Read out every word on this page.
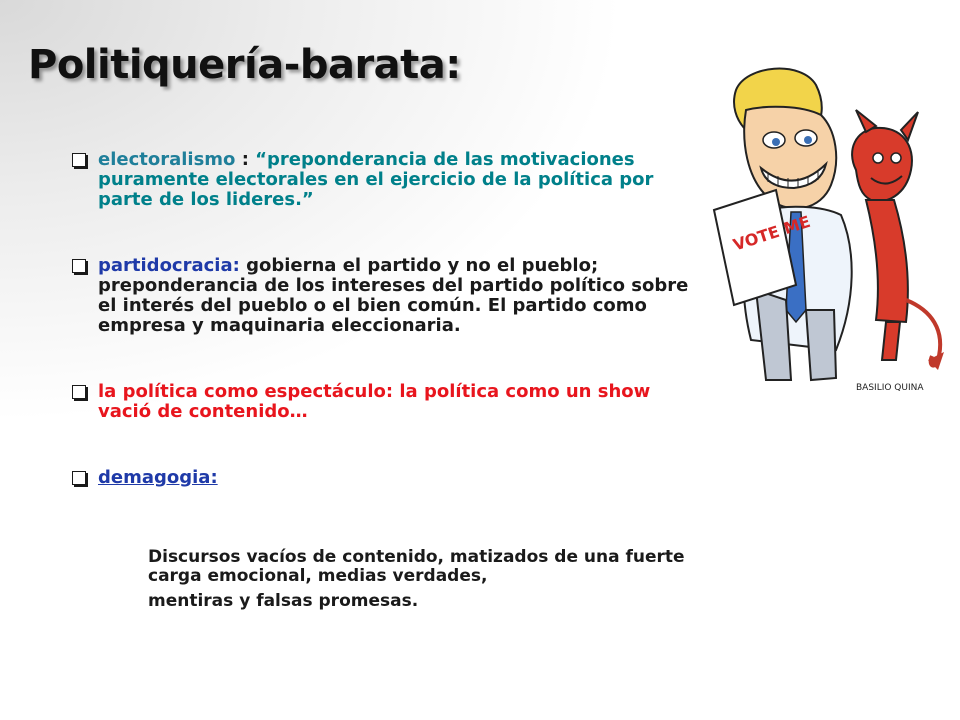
Politiquería-barata:
electoralismo : “preponderancia de las motivaciones puramente electorales en el ejercicio de la política por parte de los lideres.”
partidocracia: gobierna el partido y no el pueblo; preponderancia de los intereses del partido político sobre el interés del pueblo o el bien común. El partido como empresa y maquinaria eleccionaria.
la política como espectáculo: la política como un show vació de contenido…
demagogia:
Discursos vacíos de contenido, matizados de una fuerte carga emocional, medias verdades,
mentiras y falsas promesas.
VOTE ME
BASILIO QUINA
